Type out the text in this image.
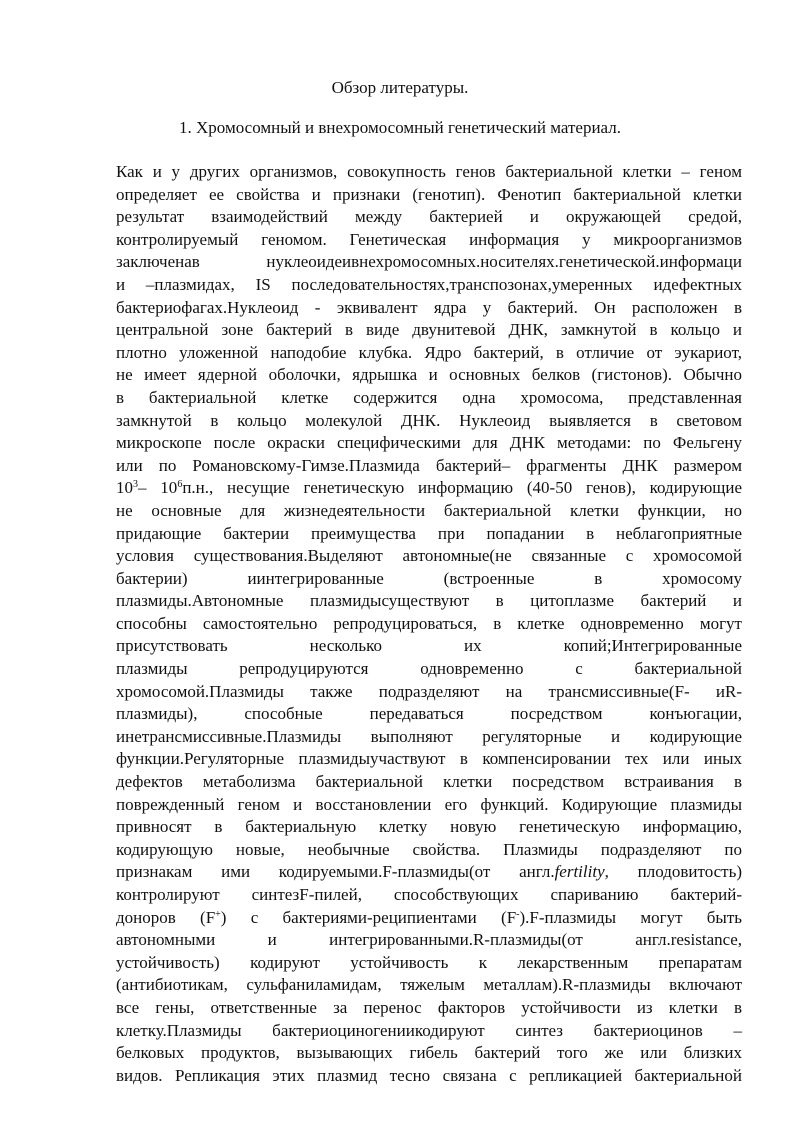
Обзор литературы.
1. Хромосомный и внехромосомный генетический материал.
Как и у других организмов, совокупность генов бактериальной клетки – геном
определяет ее свойства и признаки (генотип). Фенотип бактериальной клетки
результат взаимодействий между бактерией и окружающей средой,
контролируемый геномом. Генетическая информация у микроорганизмов
заключенав нуклеоидеивнехромосомных.носителях.генетической.информаци
и –плазмидах, IS последовательностях,транспозонах,умеренных идефектных
бактериофагах.Нуклеоид - эквивалент ядра у бактерий. Он расположен в
центральной зоне бактерий в виде двунитевой ДНК, замкнутой в кольцо и
плотно уложенной наподобие клубка. Ядро бактерий, в отличие от эукариот,
не имеет ядерной оболочки, ядрышка и основных белков (гистонов). Обычно
в бактериальной клетке содержится одна хромосома, представленная
замкнутой в кольцо молекулой ДНК. Нуклеоид выявляется в световом
микроскопе после окраски специфическими для ДНК методами: по Фельгену
или по Романовскому-Гимзе.Плазмида бактерий– фрагменты ДНК размером
$10^3-$ $10^6п.н$., несущие генетическую информацию (40-50 генов), кодирующие
не основные для жизнедеятельности бактериальной клетки функции, но
придающие бактерии преимущества при попадании в неблагоприятные
условия существования.Выделяют автономные(не связанные с хромосомой
бактерии) иинтегрированные (встроенные в хромосому
плазмиды.Автономные плазмидысуществуют в цитоплазме бактерий и
способны самостоятельно репродуцироваться, в клетке одновременно могут
присутствовать несколько их копий;Интегрированные
плазмиды репродуцируются одновременно с бактериальной
хромосомой.Плазмиды также подразделяют на трансмиссивные(F- иR-
плазмиды), способные передаваться посредством конъюгации,
инетрансмиссивные.Плазмиды выполняют регуляторные и кодирующие
функции.Регуляторные плазмидыучаствуют в компенсировании тех или иных
дефектов метаболизма бактериальной клетки посредством встраивания в
поврежденный геном и восстановлении его функций. Кодирующие плазмиды
привносят в бактериальную клетку новую генетическую информацию,
кодирующую новые, необычные свойства. Плазмиды подразделяют по
признакам ими кодируемыми.F-плазмиды(от англ.fertility, плодовитость)
контролируют синтезF-пилей, способствующих спариванию бактерий-
доноров (F+) с бактериями-реципиентами (F-).F-плазмиды могут быть
автономными и интегрированными.R-плазмиды(от англ.resistance,
устойчивость) кодируют устойчивость к лекарственным препаратам
(антибиотикам, сульфаниламидам, тяжелым металлам).R-плазмиды включают
все гены, ответственные за перенос факторов устойчивости из клетки в
клетку.Плазмиды бактериоциногениикодируют синтез бактериоцинов –
белковых продуктов, вызывающих гибель бактерий того же или близких
видов. Репликация этих плазмид тесно связана с репликацией бактериальной
